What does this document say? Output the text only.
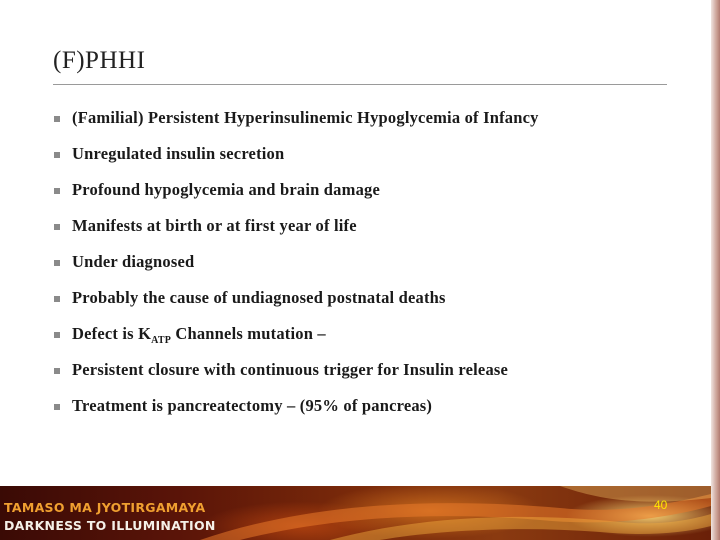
(F)PHHI
(Familial) Persistent Hyperinsulinemic Hypoglycemia of Infancy
Unregulated insulin secretion
Profound hypoglycemia and brain damage
Manifests at birth or at first year of life
Under diagnosed
Probably the cause of undiagnosed postnatal deaths
Defect is $K_{ATP}$ Channels mutation –
Persistent closure with continuous trigger for Insulin release
Treatment is pancreatectomy – (95% of pancreas)
TAMASO MA JYOTIRGAMAYA
DARKNESS TO ILLUMINATION
40
